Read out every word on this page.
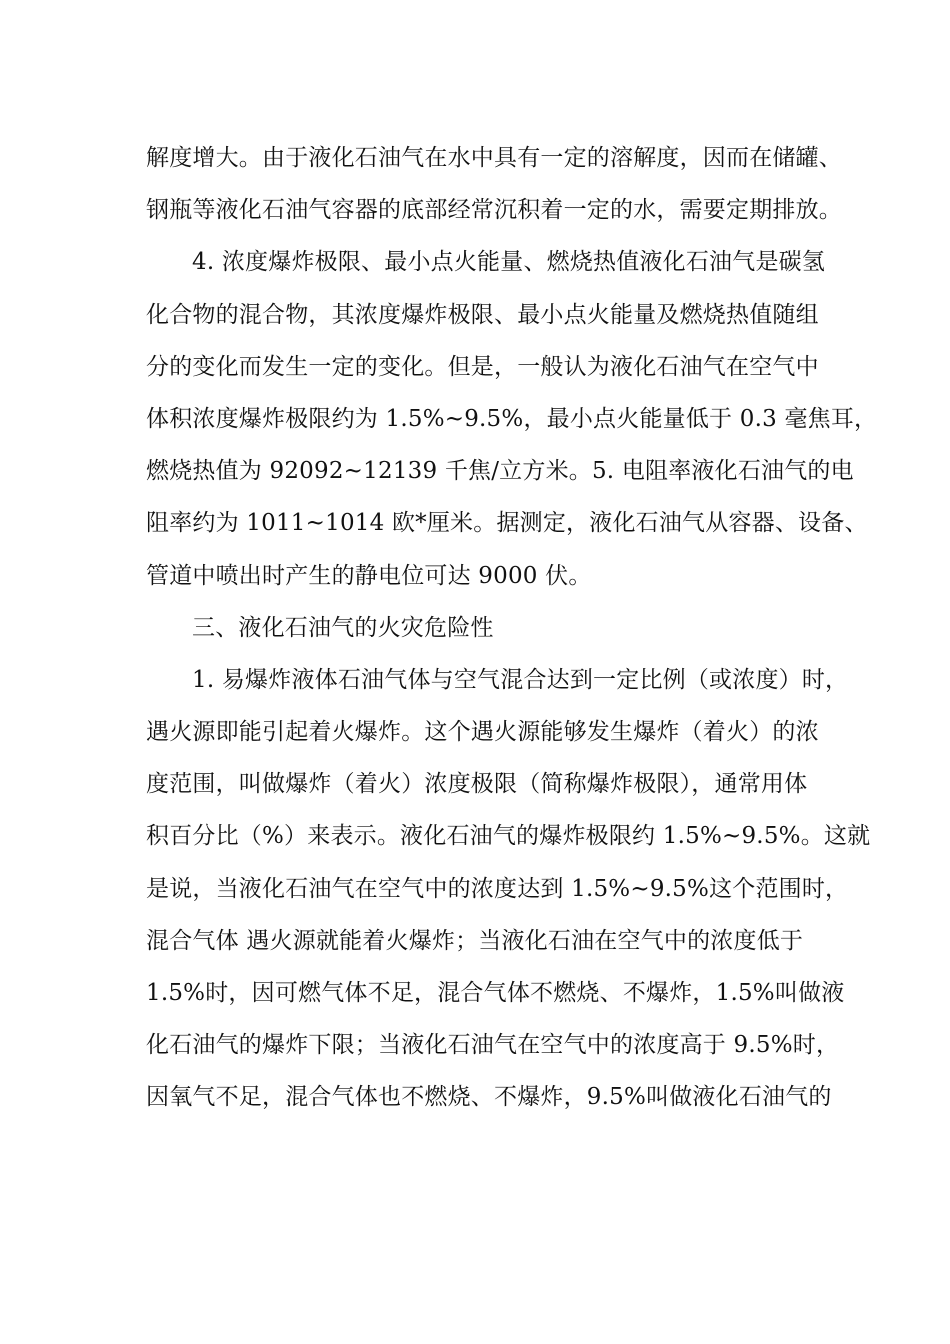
解度增大。由于液化石油气在水中具有一定的溶解度，因而在储罐、
钢瓶等液化石油气容器的底部经常沉积着一定的水，需要定期排放。
4. 浓度爆炸极限、最小点火能量、燃烧热值液化石油气是碳氢
化合物的混合物，其浓度爆炸极限、最小点火能量及燃烧热值随组
分的变化而发生一定的变化。但是，一般认为液化石油气在空气中
体积浓度爆炸极限约为 1.5%~9.5%，最小点火能量低于 0.3 毫焦耳，
燃烧热值为 92092~12139 千焦/立方米。5. 电阻率液化石油气的电
阻率约为 1011~1014 欧*厘米。据测定，液化石油气从容器、设备、
管道中喷出时产生的静电位可达 9000 伏。
三、液化石油气的火灾危险性
1. 易爆炸液体石油气体与空气混合达到一定比例（或浓度）时，
遇火源即能引起着火爆炸。这个遇火源能够发生爆炸（着火）的浓
度范围，叫做爆炸（着火）浓度极限（简称爆炸极限），通常用体
积百分比（%）来表示。液化石油气的爆炸极限约 1.5%~9.5%。这就
是说，当液化石油气在空气中的浓度达到 1.5%~9.5%这个范围时，
混合气体 遇火源就能着火爆炸；当液化石油在空气中的浓度低于
1.5%时，因可燃气体不足，混合气体不燃烧、不爆炸，1.5%叫做液
化石油气的爆炸下限；当液化石油气在空气中的浓度高于 9.5%时，
因氧气不足，混合气体也不燃烧、不爆炸，9.5%叫做液化石油气的
